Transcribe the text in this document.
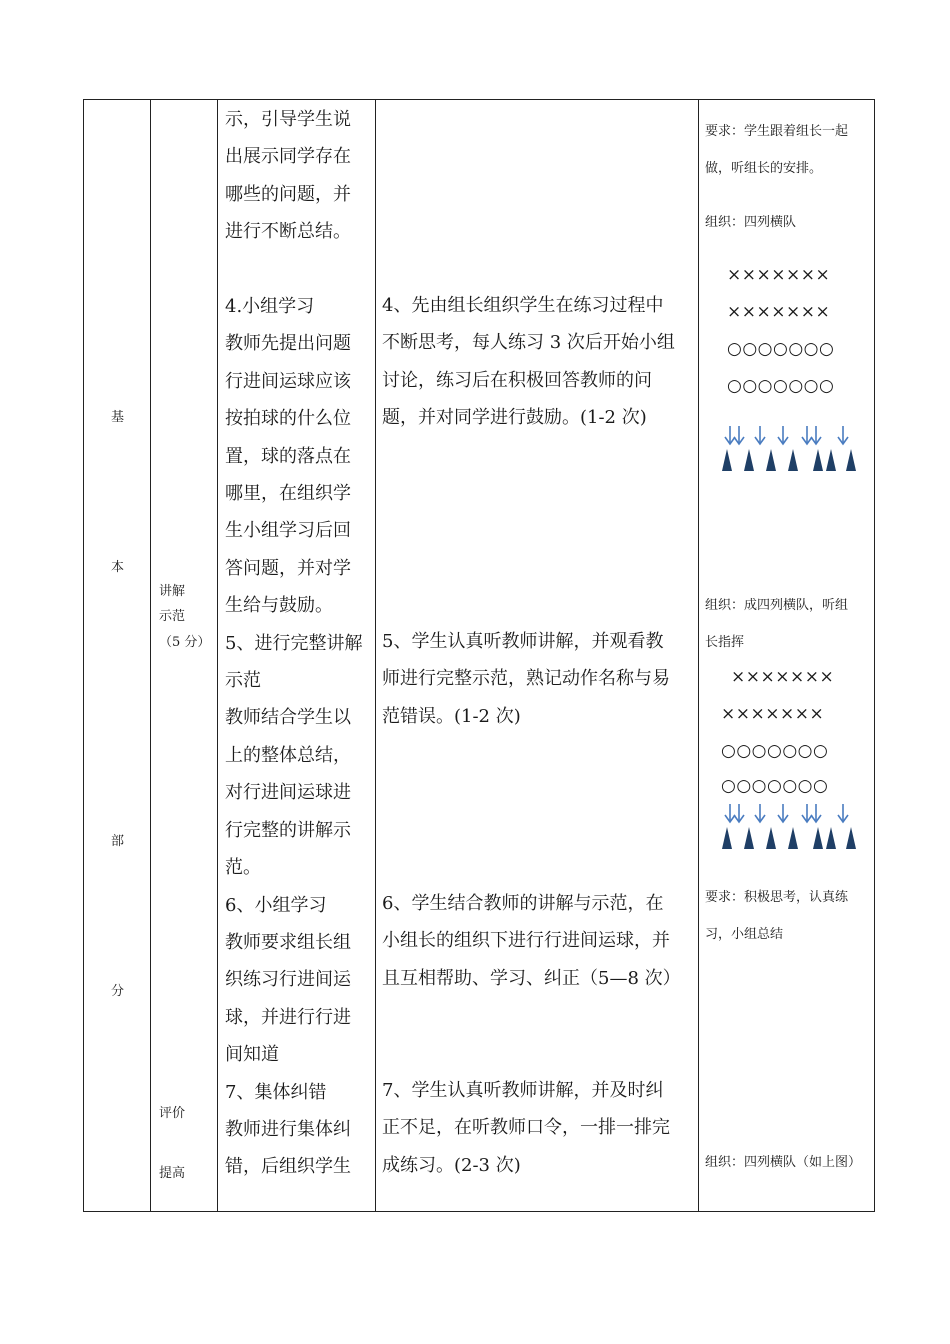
基
本
部
分
讲解
示范
（5 分）
评价
提高
示，引导学生说
出展示同学存在
哪些的问题，并
进行不断总结。
4.小组学习
教师先提出问题
行进间运球应该
按拍球的什么位
置，球的落点在
哪里，在组织学
生小组学习后回
答问题，并对学
生给与鼓励。
5、进行完整讲解
示范
教师结合学生以
上的整体总结，
对行进间运球进
行完整的讲解示
范。
6、小组学习
教师要求组长组
织练习行进间运
球，并进行行进
间知道
7、集体纠错
教师进行集体纠
错，后组织学生
4、先由组长组织学生在练习过程中
不断思考，每人练习 3 次后开始小组
讨论，练习后在积极回答教师的问
题，并对同学进行鼓励。(1-2 次)
5、学生认真听教师讲解，并观看教
师进行完整示范，熟记动作名称与易
范错误。(1-2 次)
6、学生结合教师的讲解与示范，在
小组长的组织下进行行进间运球，并
且互相帮助、学习、纠正（5—8 次）
7、学生认真听教师讲解，并及时纠
正不足，在听教师口令，一排一排完
成练习。(2-3 次)
要求：学生跟着组长一起
做，听组长的安排。
组织：四列横队
×××××××
×××××××
○○○○○○○
○○○○○○○
组织：成四列横队，听组
长指挥
×××××××
×××××××
○○○○○○○
○○○○○○○
要求：积极思考，认真练
习，小组总结
组织：四列横队（如上图）
